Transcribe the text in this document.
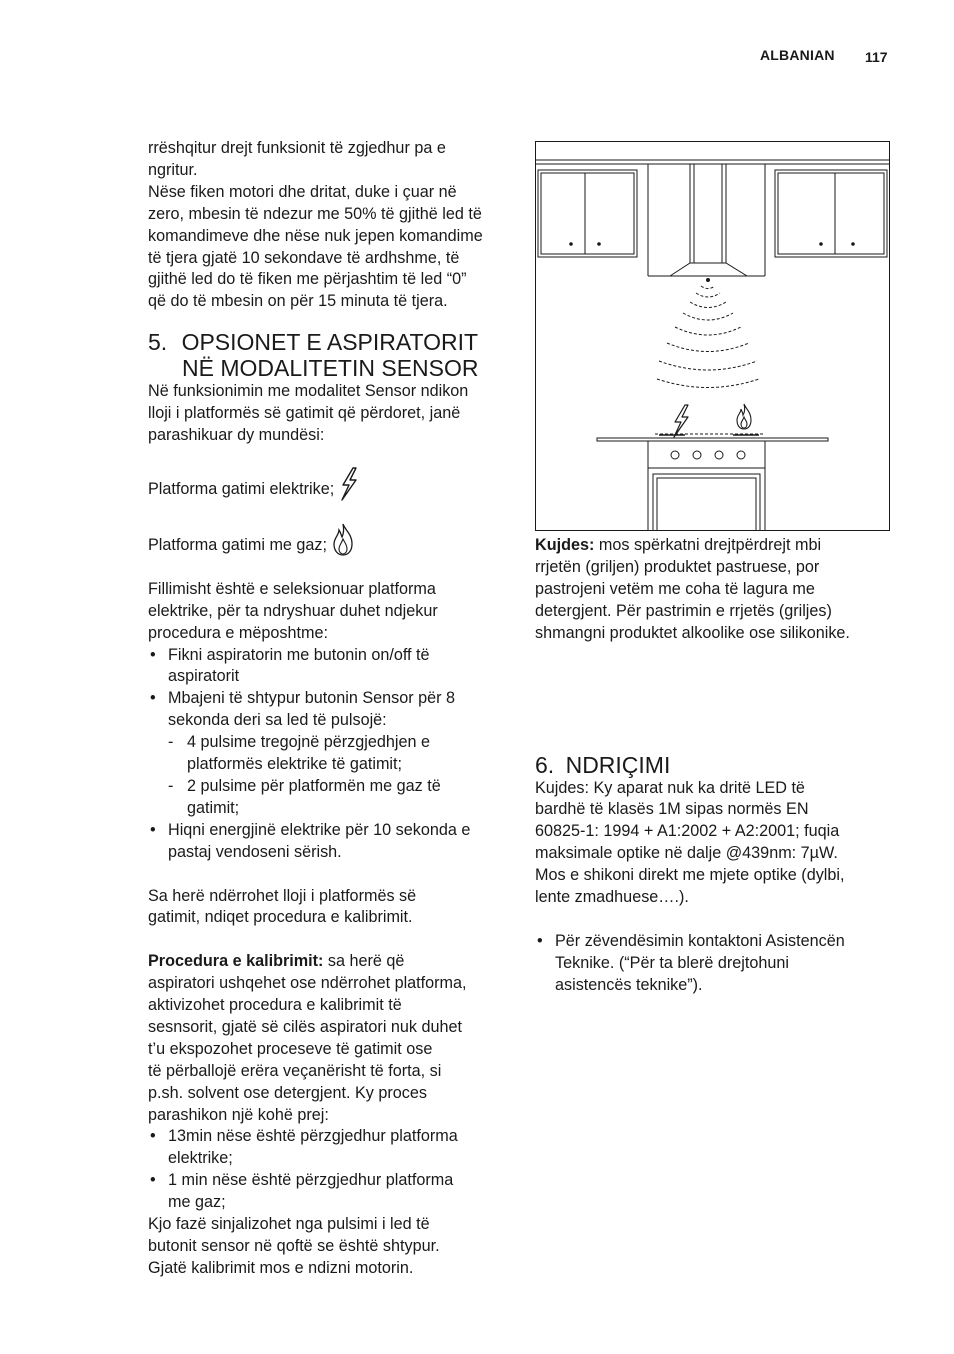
ALBANIAN 117

rrëshqitur drejt funksionit të zgjedhur pa e
ngritur.
Nëse fiken motori dhe dritat, duke i çuar në
zero, mbesin të ndezur me 50% të gjithë led të
komandimeve dhe nëse nuk jepen komandime
të tjera gjatë 10 sekondave të ardhshme, të
gjithë led do të fiken me përjashtim të led “0”
që do të mbesin on për 15 minuta të tjera.

5. OPSIONET E ASPIRATORIT
NË MODALITETIN SENSOR

Në funksionimin me modalitet Sensor ndikon
lloji i platformës së gatimit që përdoret, janë
parashikuar dy mundësi:

Platforma gatimi elektrike;
Platforma gatimi me gaz;

Fillimisht është e seleksionuar platforma
elektrike, për ta ndryshuar duhet ndjekur
procedura e mëposhtme:

• Fikni aspiratorin me butonin on/off të
aspiratorit
• Mbajeni të shtypur butonin Sensor për 8
sekonda deri sa led të pulsojë:
- 4 pulsime tregojnë përzgjedhjen e
platformës elektrike të gatimit;
- 2 pulsime për platformën me gaz të
gatimit;
• Hiqni energjinë elektrike për 10 sekonda e
pastaj vendoseni sërish.

Sa herë ndërrohet lloji i platformës së
gatimit, ndiqet procedura e kalibrimit.

Procedura e kalibrimit: sa herë që
aspiratori ushqehet ose ndërrohet platforma,
aktivizohet procedura e kalibrimit të
sesnsorit, gjatë së cilës aspiratori nuk duhet
t’u ekspozohet proceseve të gatimit ose
të përballojë erëra veçanërisht të forta, si
p.sh. solvent ose detergjent. Ky proces
parashikon një kohë prej:

• 13min nëse është përzgjedhur platforma
elektrike;
• 1 min nëse është përzgjedhur platforma
me gaz;

Kjo fazë sinjalizohet nga pulsimi i led të
butonit sensor në qoftë se është shtypur.
Gjatë kalibrimit mos e ndizni motorin.

Kujdes: mos spërkatni drejtpërdrejt mbi
rrjetën (griljen) produktet pastruese, por
pastrojeni vetëm me coha të lagura me
detergjent. Për pastrimin e rrjetës (griljes)
shmangni produktet alkoolike ose silikonike.

6. NDRIÇIMI

Kujdes: Ky aparat nuk ka dritë LED të
bardhë të klasës 1M sipas normës EN
60825-1: 1994 + A1:2002 + A2:2001; fuqia
maksimale optike në dalje @439nm: 7µW.
Mos e shikoni direkt me mjete optike (dylbi,
lente zmadhuese….).

• Për zëvendësimin kontaktoni Asistencën
Teknike. (“Për ta blerë drejtohuni
asistencës teknike”).
